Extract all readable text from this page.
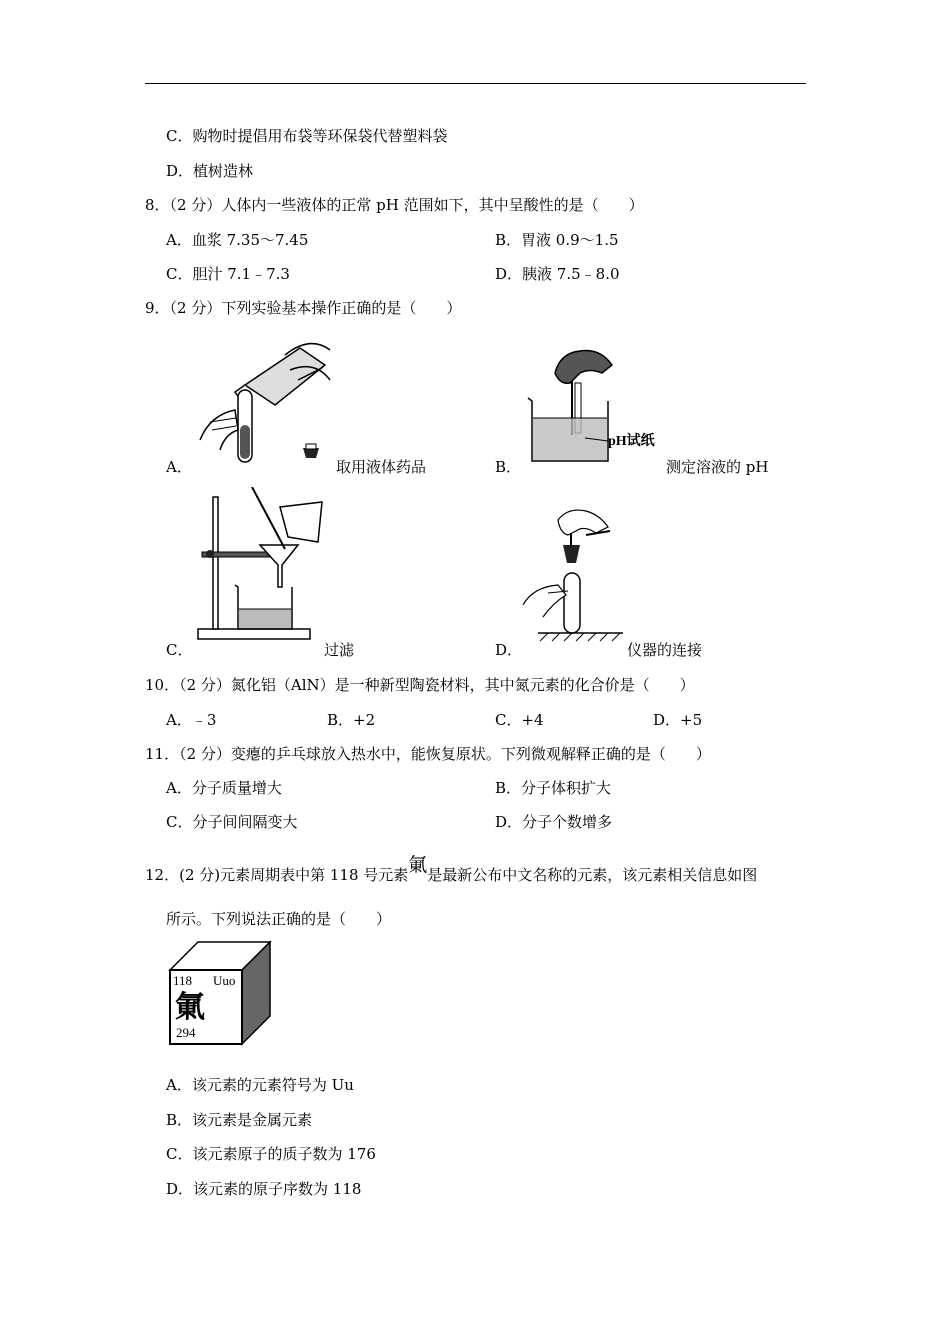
C．购物时提倡用布袋等环保袋代替塑料袋
D．植树造林
8．（2 分）人体内一些液体的正常 pH 范围如下，其中呈酸性的是（　　）
A．血浆 7.35～7.45	B．胃液 0.9～1.5
C．胆汁 7.1﹣7.3	D．胰液 7.5﹣8.0
9．（2 分）下列实验基本操作正确的是（　　）
A．	取用液体药品
pH试纸
B．	测定溶液的 pH
C．	过滤	D．	仪器的连接
10．（2 分）氮化铝（AlN）是一种新型陶瓷材料，其中氮元素的化合价是（　　）
A．﹣3	B．+2	C．+4	D．+5
11．（2 分）变瘪的乒乓球放入热水中，能恢复原状。下列微观解释正确的是（　　）
A．分子质量增大	B．分子体积扩大
C．分子间间隔变大	D．分子个数增多
12．(2 分)元素周期表中第 118 号元素氭是最新公布中文名称的元素，该元素相关信息如图
所示。下列说法正确的是（　　）
118 Uuo
氭
294
A．该元素的元素符号为 Uu
B．该元素是金属元素
C．该元素原子的质子数为 176
D．该元素的原子序数为 118
